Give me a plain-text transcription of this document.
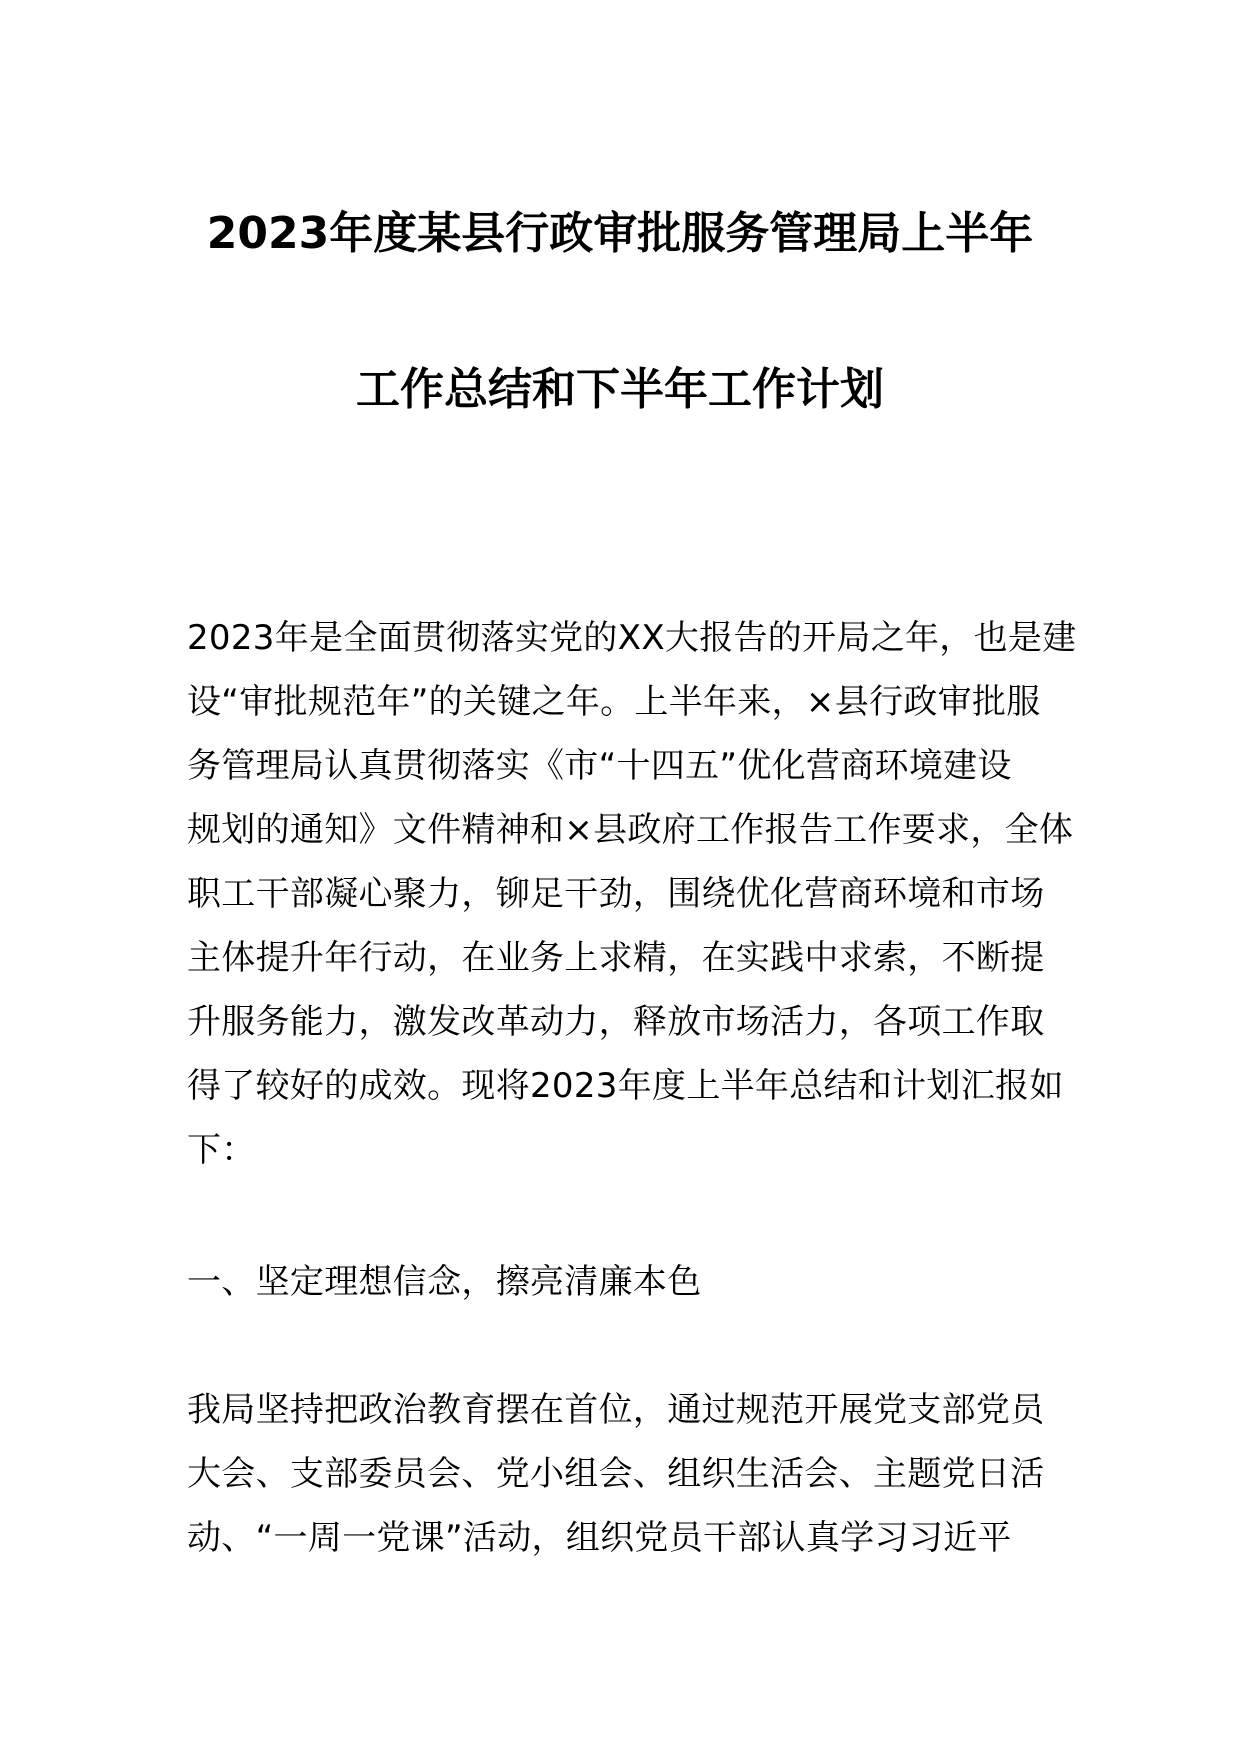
2023年度某县行政审批服务管理局上半年
工作总结和下半年工作计划
2023年是全面贯彻落实党的XX大报告的开局之年，也是建
设“审批规范年”的关键之年。上半年来，×县行政审批服
务管理局认真贯彻落实《市“十四五”优化营商环境建设
规划的通知》文件精神和×县政府工作报告工作要求，全体
职工干部凝心聚力，铆足干劲，围绕优化营商环境和市场
主体提升年行动，在业务上求精，在实践中求索，不断提
升服务能力，激发改革动力，释放市场活力，各项工作取
得了较好的成效。现将2023年度上半年总结和计划汇报如
下：
一、坚定理想信念，擦亮清廉本色
我局坚持把政治教育摆在首位，通过规范开展党支部党员
大会、支部委员会、党小组会、组织生活会、主题党日活
动、“一周一党课”活动，组织党员干部认真学习习近平
